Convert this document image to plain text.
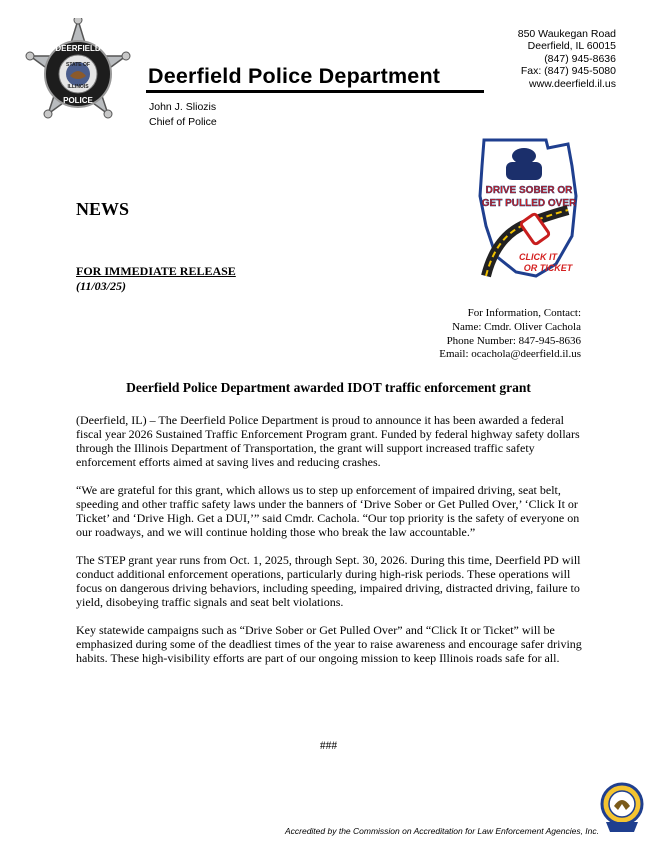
DEERFIELD
STATE OF
ILLINOIS
POLICE
Deerfield Police Department
John J. Sliozis
Chief of Police
850 Waukegan Road
Deerfield, IL 60015
(847) 945-8636
Fax: (847) 945-5080
www.deerfield.il.us
DRIVE SOBER OR
GET PULLED OVER
CLICK IT
OR TICKET
NEWS
FOR IMMEDIATE RELEASE
(11/03/25)
For Information, Contact:
Name: Cmdr. Oliver Cachola
Phone Number: 847-945-8636
Email: ocachola@deerfield.il.us
Deerfield Police Department awarded IDOT traffic enforcement grant

(Deerfield, IL) – The Deerfield Police Department is proud to announce it has been awarded a federal fiscal year 2026 Sustained Traffic Enforcement Program grant. Funded by federal highway safety dollars through the Illinois Department of Transportation, the grant will support increased traffic safety enforcement efforts aimed at saving lives and reducing crashes.

“We are grateful for this grant, which allows us to step up enforcement of impaired driving, seat belt, speeding and other traffic safety laws under the banners of ‘Drive Sober or Get Pulled Over,’ ‘Click It or Ticket’ and ‘Drive High. Get a DUI,’” said Cmdr. Cachola. “Our top priority is the safety of everyone on our roadways, and we will continue holding those who break the law accountable.”

The STEP grant year runs from Oct. 1, 2025, through Sept. 30, 2026. During this time, Deerfield PD will conduct additional enforcement operations, particularly during high-risk periods. These operations will focus on dangerous driving behaviors, including speeding, impaired driving, distracted driving, failure to yield, disobeying traffic signals and seat belt violations.

Key statewide campaigns such as “Drive Sober or Get Pulled Over” and “Click It or Ticket” will be emphasized during some of the deadliest times of the year to raise awareness and encourage safer driving habits. These high-visibility efforts are part of our ongoing mission to keep Illinois roads safe for all.

###
Accredited by the Commission on Accreditation for Law Enforcement Agencies, Inc.
